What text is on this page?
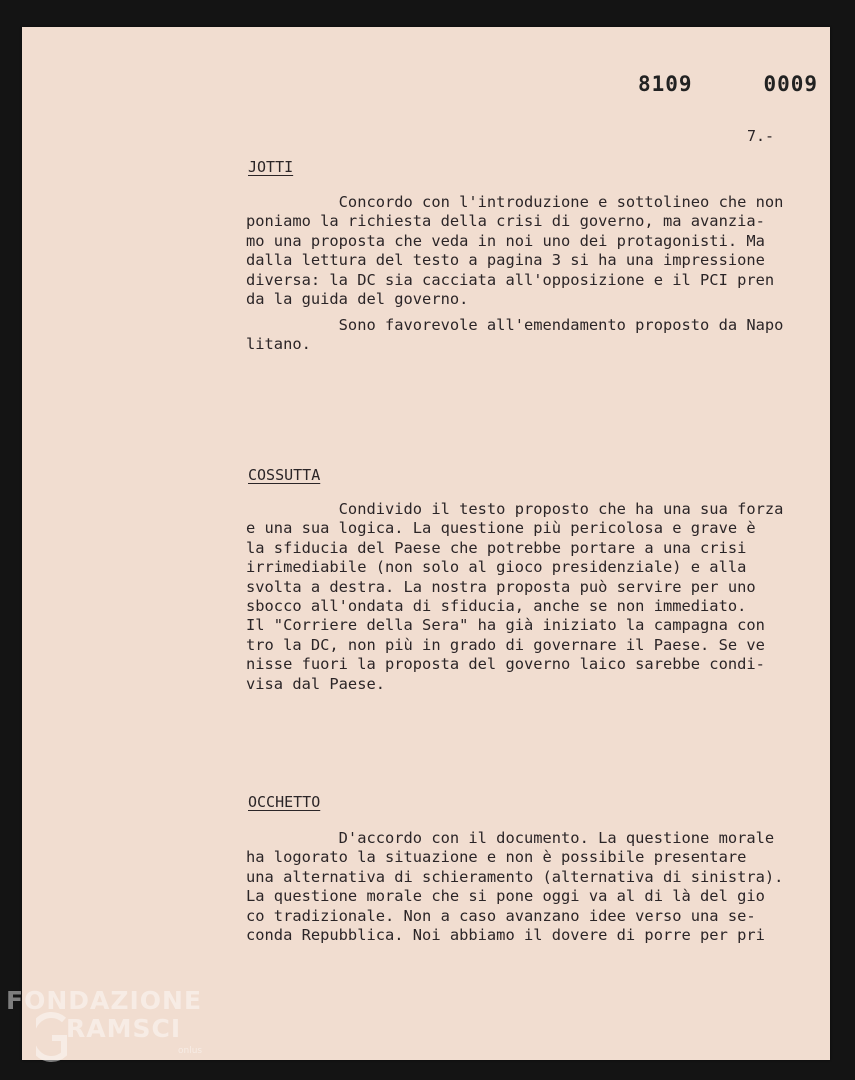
8109   0009
7.-
JOTTI
Concordo con l'introduzione e sottolineo che non
poniamo la richiesta della crisi di governo, ma avanzia-
mo una proposta che veda in noi uno dei protagonisti. Ma
dalla lettura del testo a pagina 3 si ha una impressione
diversa: la DC sia cacciata all'opposizione e il PCI pren
da la guida del governo.
Sono favorevole all'emendamento proposto da Napo
litano.
COSSUTTA
Condivido il testo proposto che ha una sua forza
e una sua logica. La questione più pericolosa e grave è
la sfiducia del Paese che potrebbe portare a una crisi
irrimediabile (non solo al gioco presidenziale) e alla
svolta a destra. La nostra proposta può servire per uno
sbocco all'ondata di sfiducia, anche se non immediato.
Il "Corriere della Sera" ha già iniziato la campagna con
tro la DC, non più in grado di governare il Paese. Se ve
nisse fuori la proposta del governo laico sarebbe condi-
visa dal Paese.
OCCHETTO
D'accordo con il documento. La questione morale
ha logorato la situazione e non è possibile presentare
una alternativa di schieramento (alternativa di sinistra).
La questione morale che si pone oggi va al di là del gio
co tradizionale. Non a caso avanzano idee verso una se-
conda Repubblica. Noi abbiamo il dovere di porre per pri
FONDAZIONE
RAMSCI
onlus
